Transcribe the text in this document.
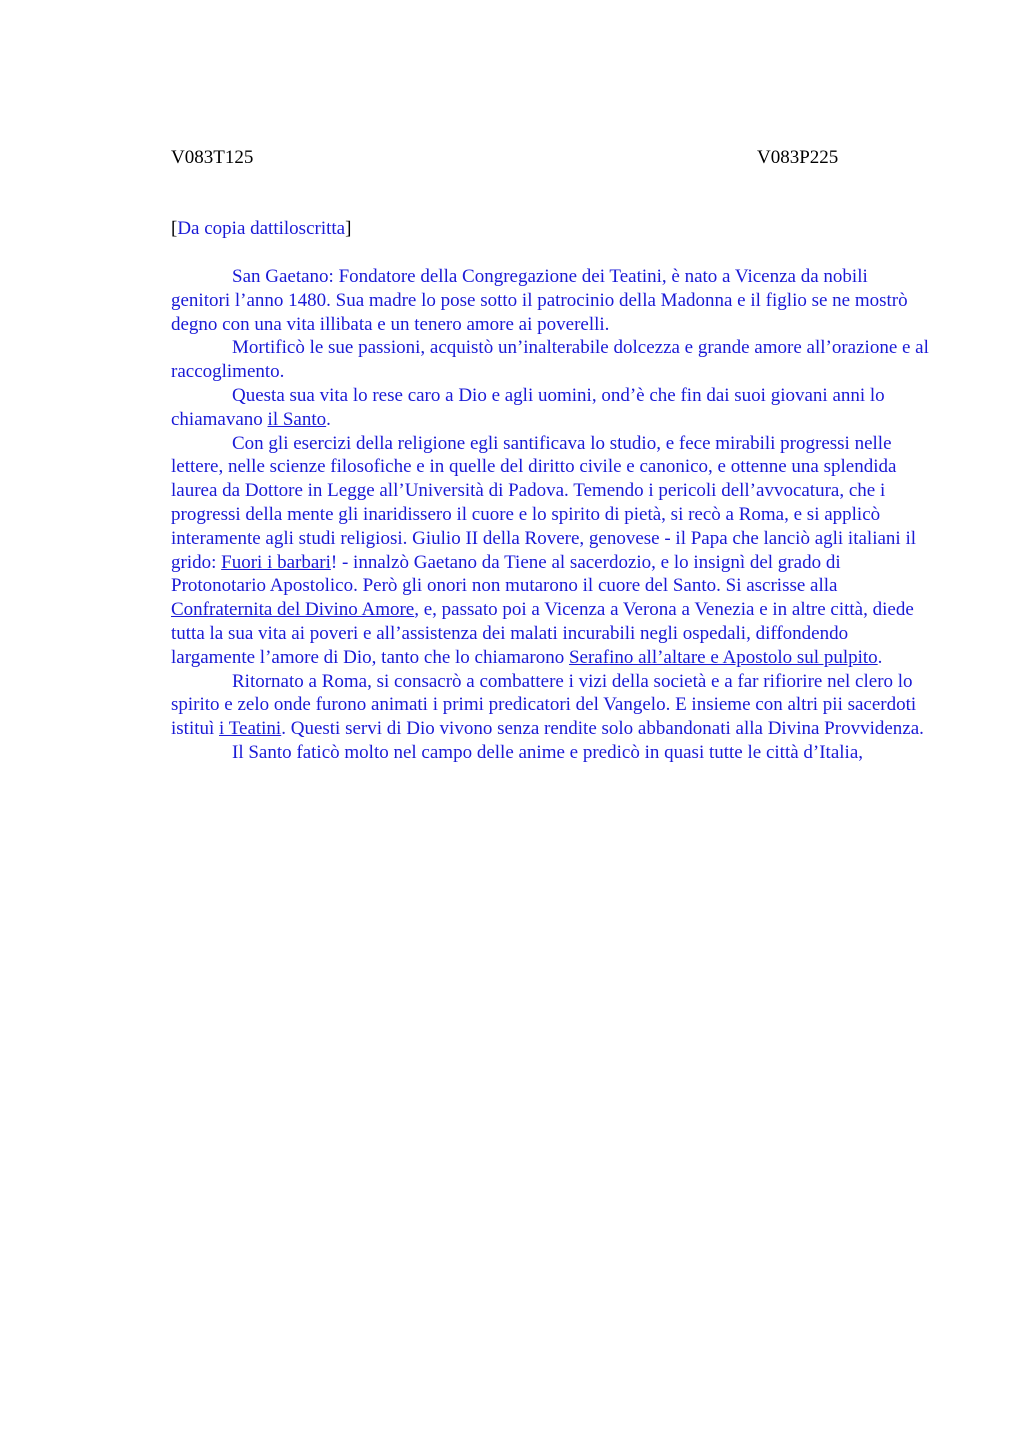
V083T125	V083P225
[Da copia dattiloscritta]

San Gaetano: Fondatore della Congregazione dei Teatini, è nato a Vicenza da nobili genitori l’anno 1480. Sua madre lo pose sotto il patrocinio della Madonna e il figlio se ne mostrò degno con una vita illibata e un tenero amore ai poverelli.

Mortificò le sue passioni, acquistò un’inalterabile dolcezza e grande amore all’orazione e al raccoglimento.

Questa sua vita lo rese caro a Dio e agli uomini, ond’è che fin dai suoi giovani anni lo chiamavano il Santo.

Con gli esercizi della religione egli santificava lo studio, e fece mirabili progressi nelle lettere, nelle scienze filosofiche e in quelle del diritto civile e canonico, e ottenne una splendida laurea da Dottore in Legge all’Università di Padova. Temendo i pericoli dell’avvocatura, che i progressi della mente gli inaridissero il cuore e lo spirito di pietà, si recò a Roma, e si applicò interamente agli studi religiosi. Giulio II della Rovere, genovese - il Papa che lanciò agli italiani il grido: Fuori i barbari! - innalzò Gaetano da Tiene al sacerdozio, e lo insignì del grado di Protonotario Apostolico. Però gli onori non mutarono il cuore del Santo. Si ascrisse alla Confraternita del Divino Amore, e, passato poi a Vicenza a Verona a Venezia e in altre città, diede tutta la sua vita ai poveri e all’assistenza dei malati incurabili negli ospedali, diffondendo largamente l’amore di Dio, tanto che lo chiamarono Serafino all’altare e Apostolo sul pulpito.

Ritornato a Roma, si consacrò a combattere i vizi della società e a far rifiorire nel clero lo spirito e zelo onde furono animati i primi predicatori del Vangelo. E insieme con altri pii sacerdoti istituì i Teatini. Questi servi di Dio vivono senza rendite solo abbandonati alla Divina Provvidenza.

Il Santo faticò molto nel campo delle anime e predicò in quasi tutte le città d’Italia,
